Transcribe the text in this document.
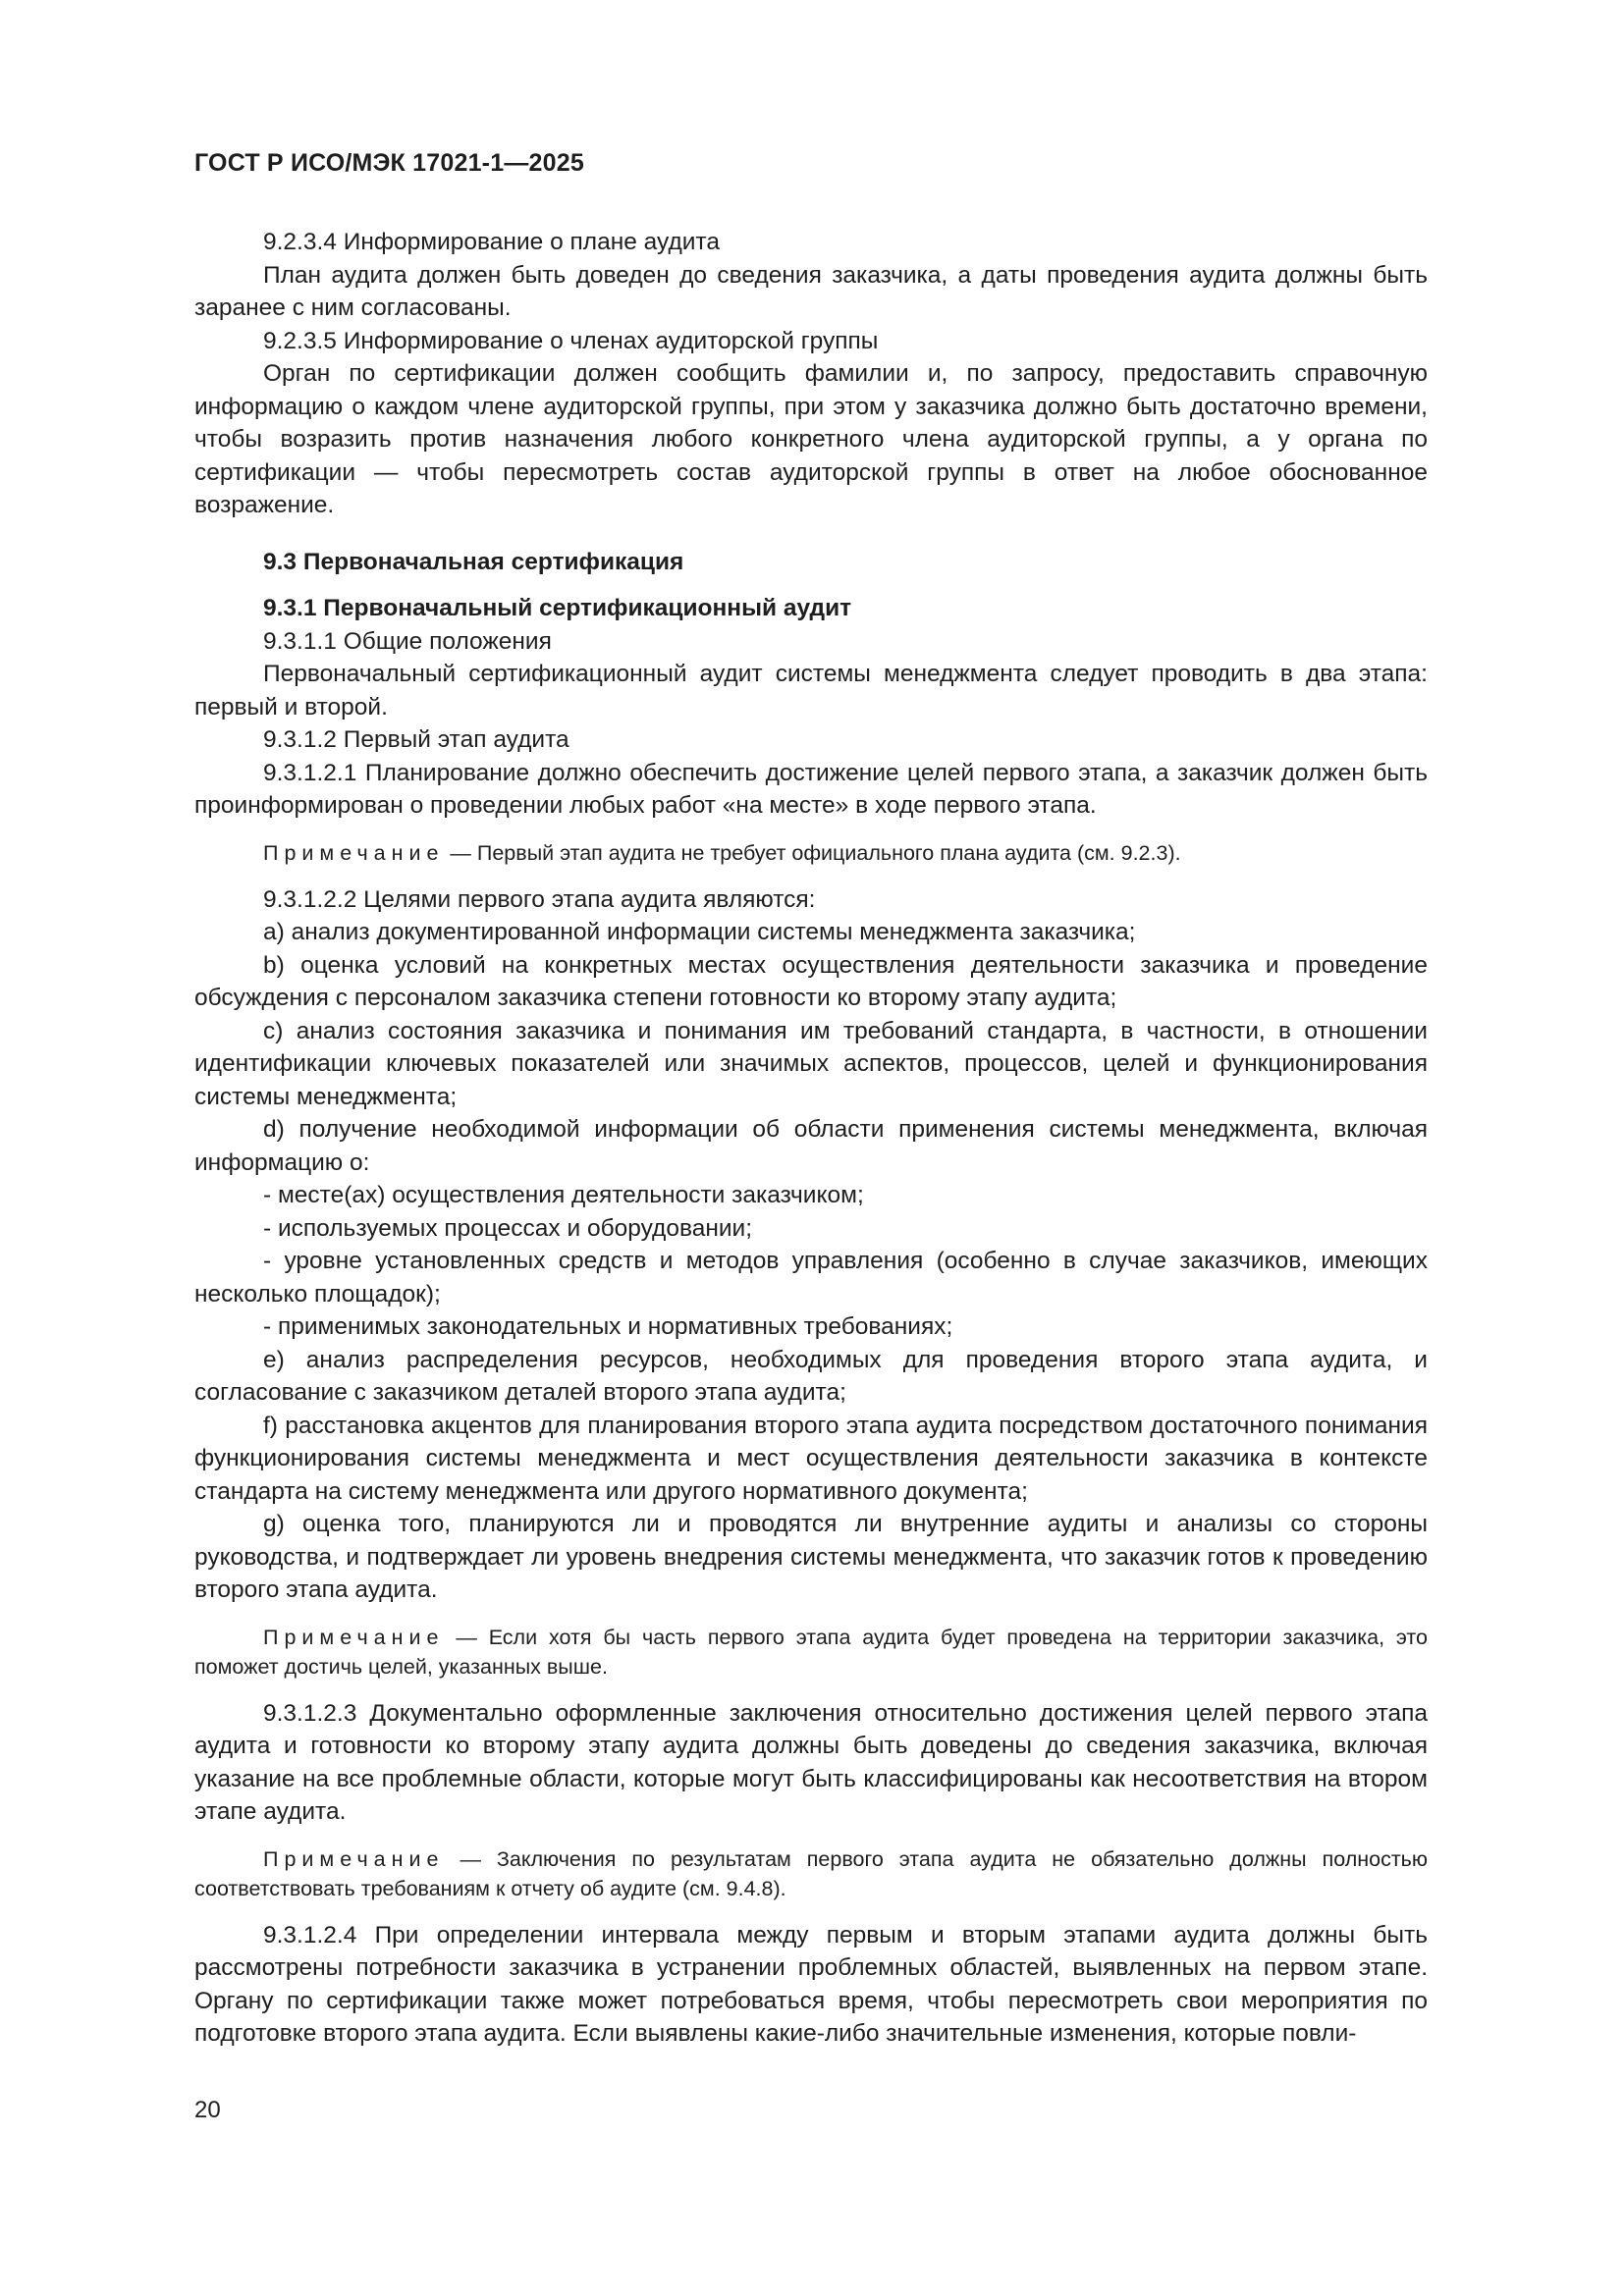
ГОСТ Р ИСО/МЭК 17021-1—2025

9.2.3.4 Информирование о плане аудита

План аудита должен быть доведен до сведения заказчика, а даты проведения аудита должны быть заранее с ним согласованы.

9.2.3.5 Информирование о членах аудиторской группы

Орган по сертификации должен сообщить фамилии и, по запросу, предоставить справочную информацию о каждом члене аудиторской группы, при этом у заказчика должно быть достаточно времени, чтобы возразить против назначения любого конкретного члена аудиторской группы, а у органа по сертификации — чтобы пересмотреть состав аудиторской группы в ответ на любое обоснованное возражение.

9.3 Первоначальная сертификация

9.3.1 Первоначальный сертификационный аудит

9.3.1.1 Общие положения

Первоначальный сертификационный аудит системы менеджмента следует проводить в два этапа: первый и второй.

9.3.1.2 Первый этап аудита

9.3.1.2.1 Планирование должно обеспечить достижение целей первого этапа, а заказчик должен быть проинформирован о проведении любых работ «на месте» в ходе первого этапа.

Примечание — Первый этап аудита не требует официального плана аудита (см. 9.2.3).

9.3.1.2.2 Целями первого этапа аудита являются:

a) анализ документированной информации системы менеджмента заказчика;

b) оценка условий на конкретных местах осуществления деятельности заказчика и проведение обсуждения с персоналом заказчика степени готовности ко второму этапу аудита;

c) анализ состояния заказчика и понимания им требований стандарта, в частности, в отношении идентификации ключевых показателей или значимых аспектов, процессов, целей и функционирования системы менеджмента;

d) получение необходимой информации об области применения системы менеджмента, включая информацию о:

- месте(ах) осуществления деятельности заказчиком;

- используемых процессах и оборудовании;

- уровне установленных средств и методов управления (особенно в случае заказчиков, имеющих несколько площадок);

- применимых законодательных и нормативных требованиях;

e) анализ распределения ресурсов, необходимых для проведения второго этапа аудита, и согласование с заказчиком деталей второго этапа аудита;

f) расстановка акцентов для планирования второго этапа аудита посредством достаточного понимания функционирования системы менеджмента и мест осуществления деятельности заказчика в контексте стандарта на систему менеджмента или другого нормативного документа;

g) оценка того, планируются ли и проводятся ли внутренние аудиты и анализы со стороны руководства, и подтверждает ли уровень внедрения системы менеджмента, что заказчик готов к проведению второго этапа аудита.

Примечание — Если хотя бы часть первого этапа аудита будет проведена на территории заказчика, это поможет достичь целей, указанных выше.

9.3.1.2.3 Документально оформленные заключения относительно достижения целей первого этапа аудита и готовности ко второму этапу аудита должны быть доведены до сведения заказчика, включая указание на все проблемные области, которые могут быть классифицированы как несоответствия на втором этапе аудита.

Примечание — Заключения по результатам первого этапа аудита не обязательно должны полностью соответствовать требованиям к отчету об аудите (см. 9.4.8).

9.3.1.2.4 При определении интервала между первым и вторым этапами аудита должны быть рассмотрены потребности заказчика в устранении проблемных областей, выявленных на первом этапе. Органу по сертификации также может потребоваться время, чтобы пересмотреть свои мероприятия по подготовке второго этапа аудита. Если выявлены какие-либо значительные изменения, которые повли-

20
